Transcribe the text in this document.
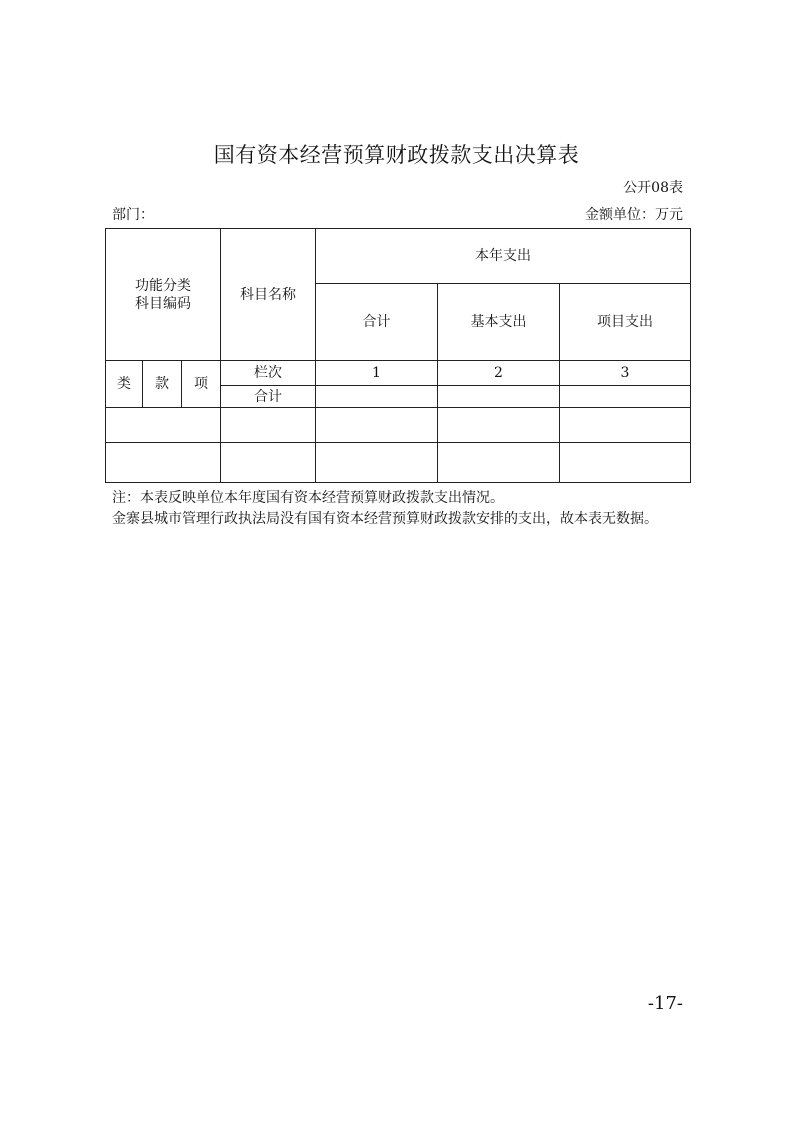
国有资本经营预算财政拨款支出决算表
公开08表
部门：	金额单位：万元
功能分类
科目编码			科目名称	本年支出		
				合计	基本支出	项目支出
类	款	项	栏次	1	2	3
			合计			

注：本表反映单位本年度国有资本经营预算财政拨款支出情况。
金寨县城市管理行政执法局没有国有资本经营预算财政拨款安排的支出，故本表无数据。
-17-
